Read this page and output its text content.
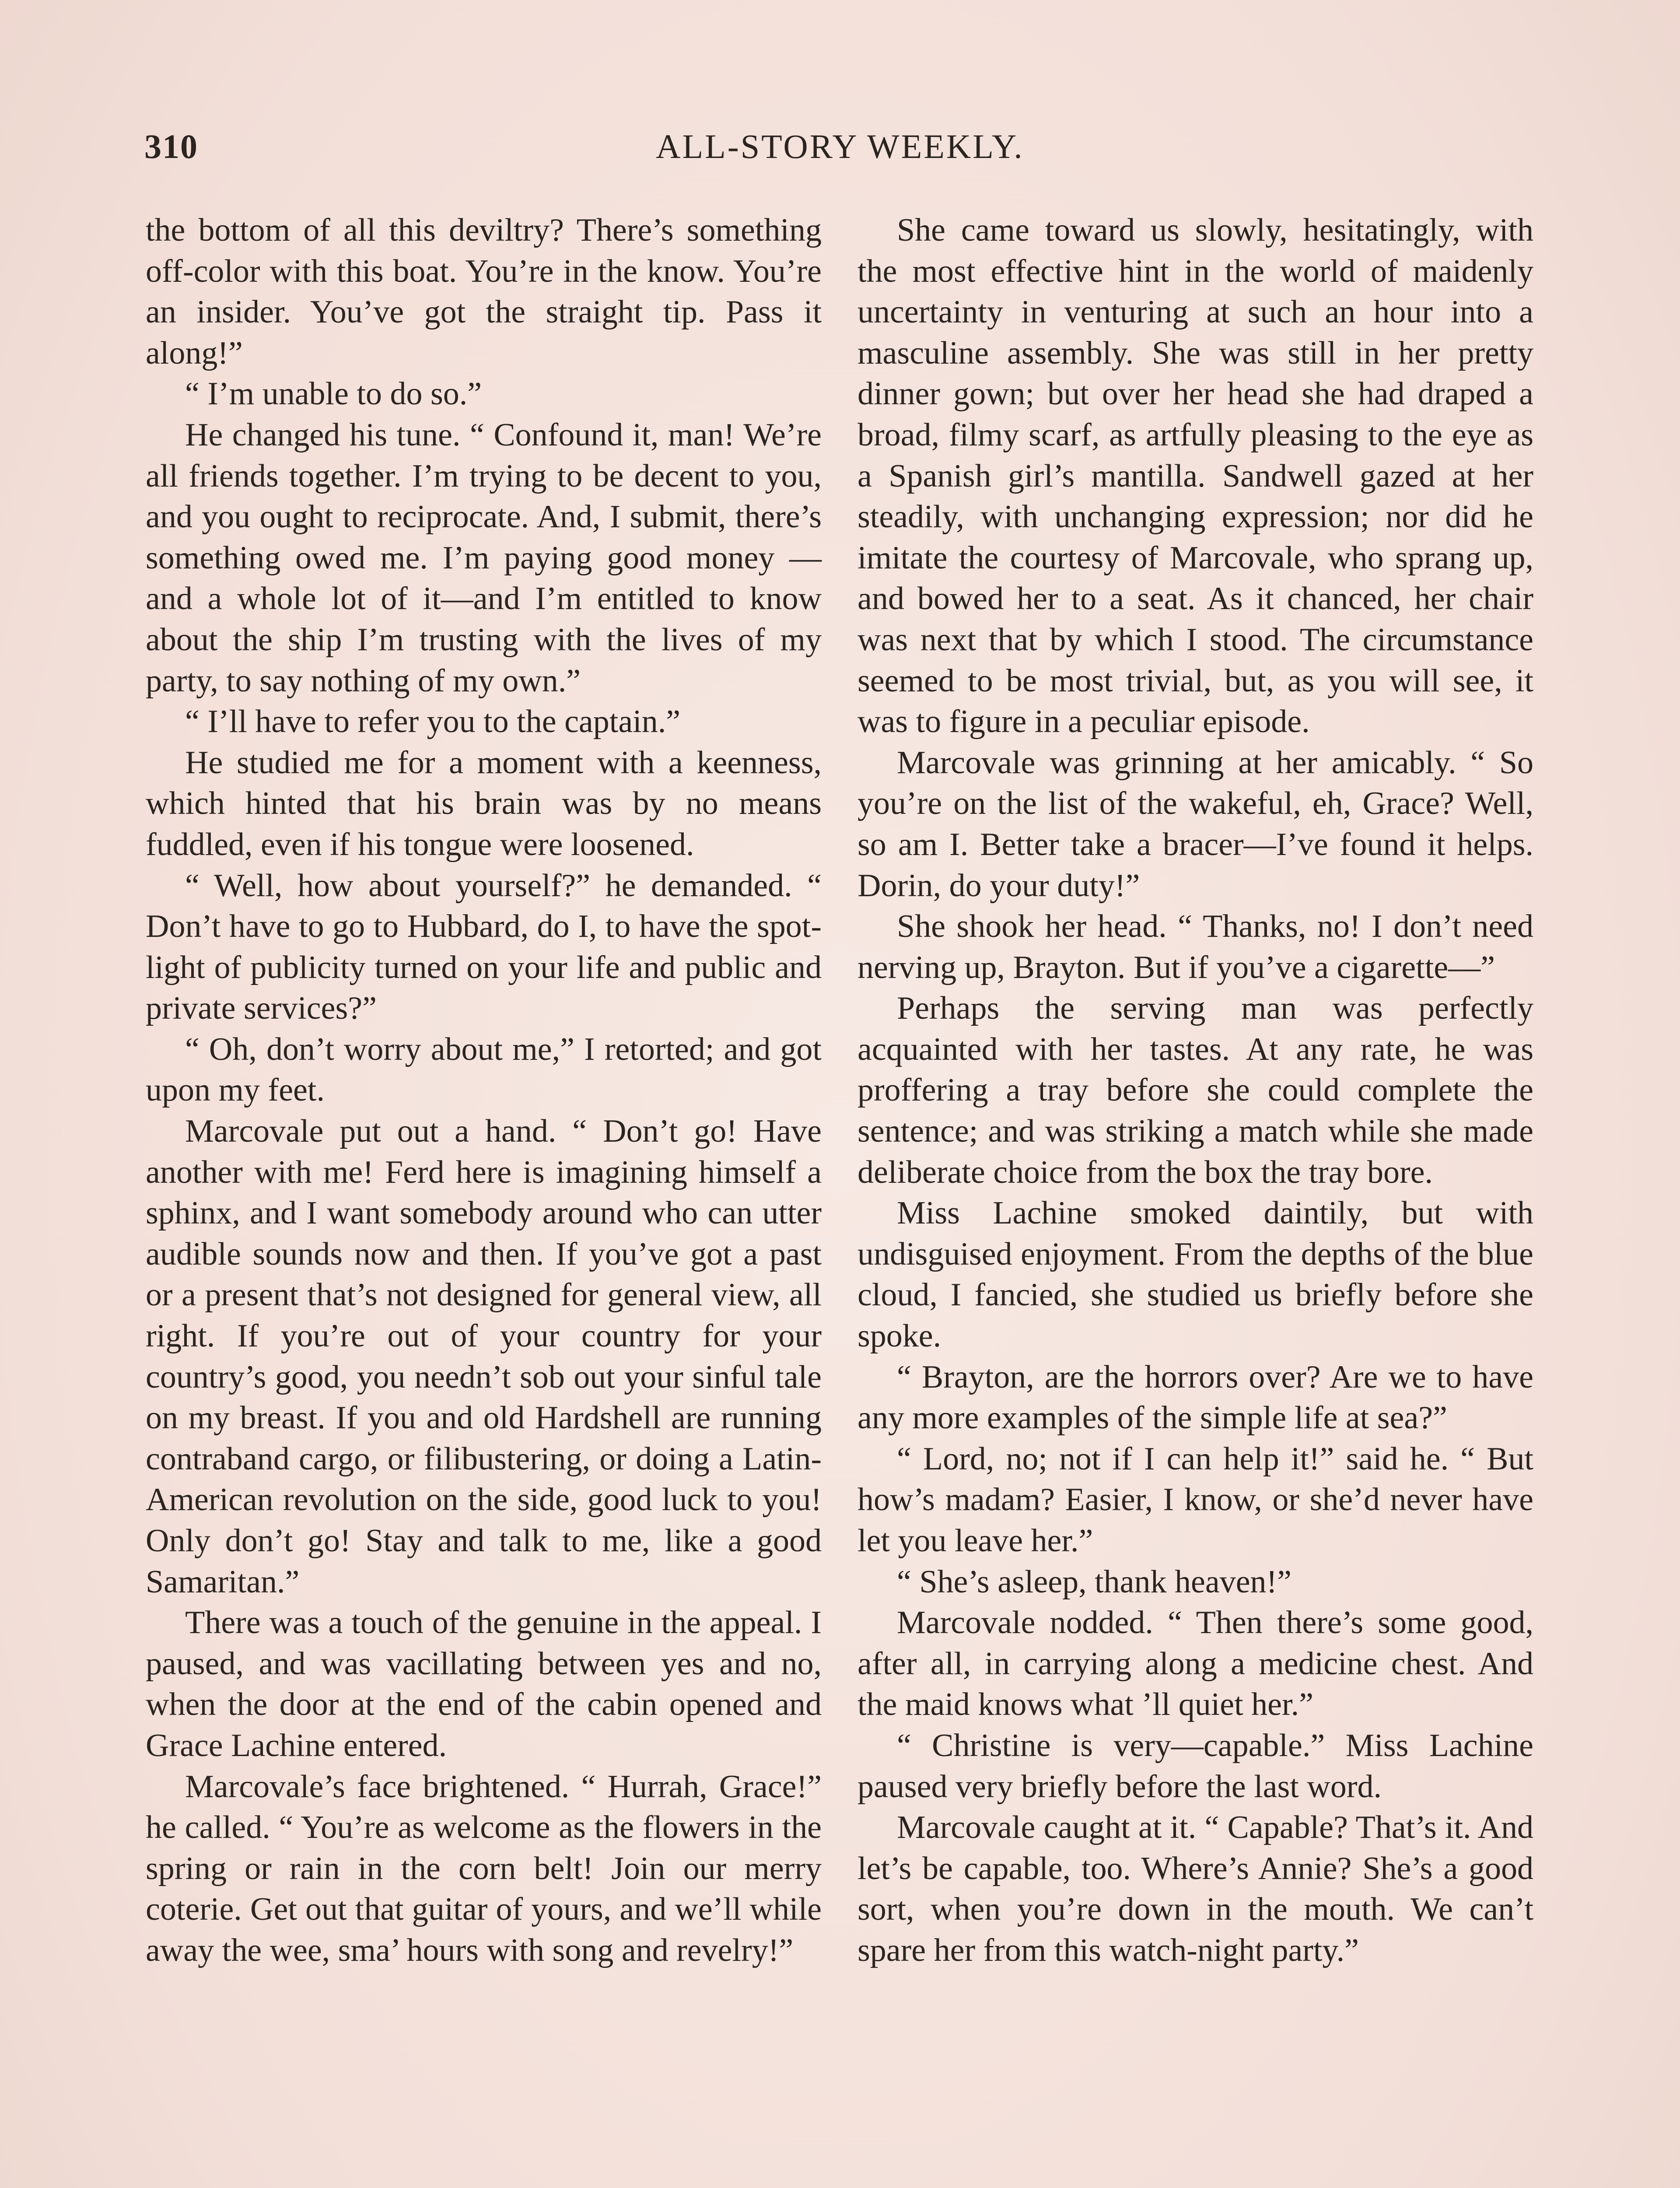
310	ALL-STORY WEEKLY.

the bottom of all this deviltry? There’s something off-color with this boat. You’re in the know. You’re an insider. You’ve got the straight tip. Pass it along!”

“ I’m unable to do so.”

He changed his tune. “ Confound it, man! We’re all friends together. I’m trying to be decent to you, and you ought to reciprocate. And, I submit, there’s something owed me. I’m paying good money —and a whole lot of it—and I’m entitled to know about the ship I’m trusting with the lives of my party, to say nothing of my own.”

“ I’ll have to refer you to the captain.”

He studied me for a moment with a keenness, which hinted that his brain was by no means fuddled, even if his tongue were loosened.

“ Well, how about yourself?” he demanded. “ Don’t have to go to Hubbard, do I, to have the spot-light of publicity turned on your life and public and private services?”

“ Oh, don’t worry about me,” I retorted; and got upon my feet.

Marcovale put out a hand. “ Don’t go! Have another with me! Ferd here is imagining himself a sphinx, and I want somebody around who can utter audible sounds now and then. If you’ve got a past or a present that’s not designed for general view, all right. If you’re out of your country for your country’s good, you needn’t sob out your sinful tale on my breast. If you and old Hardshell are running contraband cargo, or filibustering, or doing a Latin-American revolution on the side, good luck to you! Only don’t go! Stay and talk to me, like a good Samaritan.”

There was a touch of the genuine in the appeal. I paused, and was vacillating between yes and no, when the door at the end of the cabin opened and Grace Lachine entered.

Marcovale’s face brightened. “ Hurrah, Grace!” he called. “ You’re as welcome as the flowers in the spring or rain in the corn belt! Join our merry coterie. Get out that guitar of yours, and we’ll while away the wee, sma’ hours with song and revelry!”

She came toward us slowly, hesitatingly, with the most effective hint in the world of maidenly uncertainty in venturing at such an hour into a masculine assembly. She was still in her pretty dinner gown; but over her head she had draped a broad, filmy scarf, as artfully pleasing to the eye as a Spanish girl’s mantilla. Sandwell gazed at her steadily, with unchanging expression; nor did he imitate the courtesy of Marcovale, who sprang up, and bowed her to a seat. As it chanced, her chair was next that by which I stood. The circumstance seemed to be most trivial, but, as you will see, it was to figure in a peculiar episode.

Marcovale was grinning at her amicably. “ So you’re on the list of the wakeful, eh, Grace? Well, so am I. Better take a bracer—I’ve found it helps. Dorin, do your duty!”

She shook her head. “ Thanks, no! I don’t need nerving up, Brayton. But if you’ve a cigarette—”

Perhaps the serving man was perfectly acquainted with her tastes. At any rate, he was proffering a tray before she could complete the sentence; and was striking a match while she made deliberate choice from the box the tray bore.

Miss Lachine smoked daintily, but with undisguised enjoyment. From the depths of the blue cloud, I fancied, she studied us briefly before she spoke.

“ Brayton, are the horrors over? Are we to have any more examples of the simple life at sea?”

“ Lord, no; not if I can help it!” said he. “ But how’s madam? Easier, I know, or she’d never have let you leave her.”

“ She’s asleep, thank heaven!”

Marcovale nodded. “ Then there’s some good, after all, in carrying along a medicine chest. And the maid knows what ’ll quiet her.”

“ Christine is very—capable.” Miss Lachine paused very briefly before the last word.

Marcovale caught at it. “ Capable? That’s it. And let’s be capable, too. Where’s Annie? She’s a good sort, when you’re down in the mouth. We can’t spare her from this watch-night party.”
